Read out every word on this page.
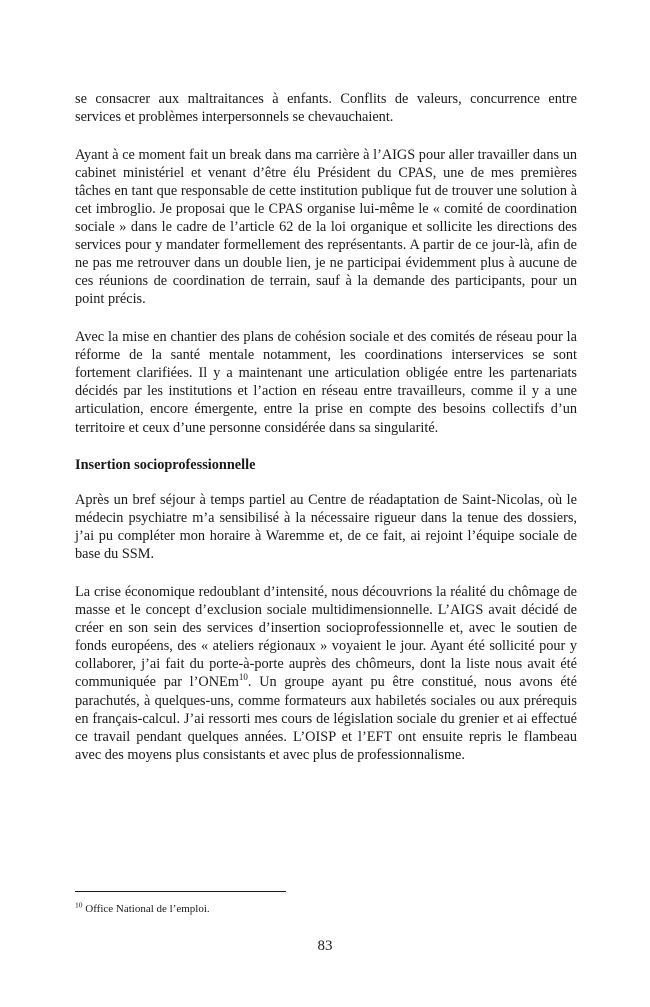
se consacrer aux maltraitances à enfants. Conflits de valeurs, concurrence entre services et problèmes interpersonnels se chevauchaient.

Ayant à ce moment fait un break dans ma carrière à l’AIGS pour aller travailler dans un cabinet ministériel et venant d’être élu Président du CPAS, une de mes premières tâches en tant que responsable de cette institution publique fut de trouver une solution à cet imbroglio. Je proposai que le CPAS organise lui-même le « comité de coordination sociale » dans le cadre de l’article 62 de la loi organique et sollicite les directions des services pour y mandater formellement des représentants. A partir de ce jour-là, afin de ne pas me retrouver dans un double lien, je ne participai évidemment plus à aucune de ces réunions de coordination de terrain, sauf à la demande des participants, pour un point précis.

Avec la mise en chantier des plans de cohésion sociale et des comités de réseau pour la réforme de la santé mentale notamment, les coordinations interservices se sont fortement clarifiées. Il y a maintenant une articulation obligée entre les partenariats décidés par les institutions et l’action en réseau entre travailleurs, comme il y a une articulation, encore émergente, entre la prise en compte des besoins collectifs d’un territoire et ceux d’une personne considérée dans sa singularité.

Insertion socioprofessionnelle

Après un bref séjour à temps partiel au Centre de réadaptation de Saint-Nicolas, où le médecin psychiatre m’a sensibilisé à la nécessaire rigueur dans la tenue des dossiers, j’ai pu compléter mon horaire à Waremme et, de ce fait, ai rejoint l’équipe sociale de base du SSM.

La crise économique redoublant d’intensité, nous découvrions la réalité du chômage de masse et le concept d’exclusion sociale multidimensionnelle. L’AIGS avait décidé de créer en son sein des services d’insertion socioprofessionnelle et, avec le soutien de fonds européens, des « ateliers régionaux » voyaient le jour. Ayant été sollicité pour y collaborer, j’ai fait du porte-à-porte auprès des chômeurs, dont la liste nous avait été communiquée par l’ONEm$^{10}$. Un groupe ayant pu être constitué, nous avons été parachutés, à quelques-uns, comme formateurs aux habiletés sociales ou aux prérequis en français-calcul. J’ai ressorti mes cours de législation sociale du grenier et ai effectué ce travail pendant quelques années. L’OISP et l’EFT ont ensuite repris le flambeau avec des moyens plus consistants et avec plus de professionnalisme.

$^{10}$ Office National de l’emploi.
83
